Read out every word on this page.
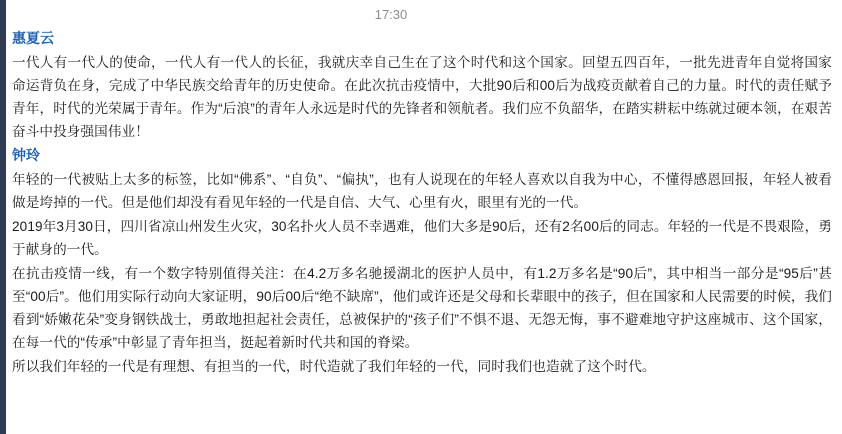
17:30
惠夏云

一代人有一代人的使命，一代人有一代人的长征，我就庆幸自己生在了这个时代和这个国家。回望五四百年，一批先进青年自觉将国家命运背负在身，完成了中华民族交给青年的历史使命。在此次抗击疫情中，大批90后和00后为战疫贡献着自己的力量。时代的责任赋予青年，时代的光荣属于青年。作为“后浪”的青年人永远是时代的先锋者和领航者。我们应不负韶华，在踏实耕耘中练就过硬本领，在艰苦奋斗中投身强国伟业！

钟玲

年轻的一代被贴上太多的标签，比如“佛系”、“自负”、“偏执”，也有人说现在的年轻人喜欢以自我为中心，不懂得感恩回报，年轻人被看做是垮掉的一代。但是他们却没有看见年轻的一代是自信、大气、心里有火，眼里有光的一代。

2019年3月30日，四川省凉山州发生火灾，30名扑火人员不幸遇难，他们大多是90后，还有2名00后的同志。年轻的一代是不畏艰险，勇于献身的一代。

在抗击疫情一线，有一个数字特别值得关注：在4.2万多名驰援湖北的医护人员中，有1.2万多名是“90后”，其中相当一部分是“95后”甚至“00后”。他们用实际行动向大家证明，90后00后“绝不缺席”，他们或许还是父母和长辈眼中的孩子，但在国家和人民需要的时候，我们看到“娇嫩花朵”变身钢铁战士，勇敢地担起社会责任，总被保护的“孩子们”不惧不退、无怨无悔，事不避难地守护这座城市、这个国家，在每一代的“传承”中彰显了青年担当，挺起着新时代共和国的脊梁。

所以我们年轻的一代是有理想、有担当的一代，时代造就了我们年轻的一代，同时我们也造就了这个时代。
